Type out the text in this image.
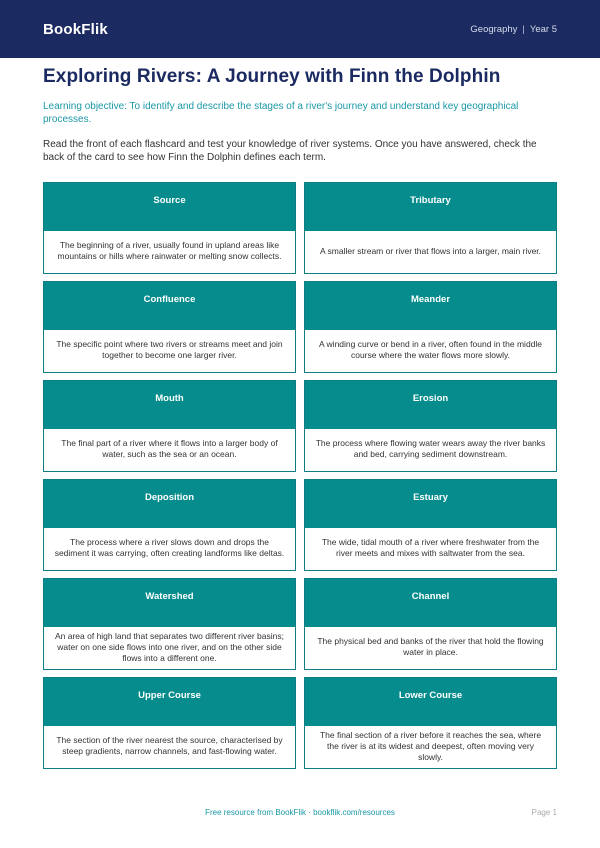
BookFlik	Geography | Year 5
Exploring Rivers: A Journey with Finn the Dolphin

Learning objective: To identify and describe the stages of a river's journey and understand key geographical processes.

Read the front of each flashcard and test your knowledge of river systems. Once you have answered, check the back of the card to see how Finn the Dolphin defines each term.

Source
The beginning of a river, usually found in upland areas like mountains or hills where rainwater or melting snow collects.
Tributary
A smaller stream or river that flows into a larger, main river.
Confluence
The specific point where two rivers or streams meet and join together to become one larger river.
Meander
A winding curve or bend in a river, often found in the middle course where the water flows more slowly.
Mouth
The final part of a river where it flows into a larger body of water, such as the sea or an ocean.
Erosion
The process where flowing water wears away the river banks and bed, carrying sediment downstream.
Deposition
The process where a river slows down and drops the sediment it was carrying, often creating landforms like deltas.
Estuary
The wide, tidal mouth of a river where freshwater from the river meets and mixes with saltwater from the sea.
Watershed
An area of high land that separates two different river basins; water on one side flows into one river, and on the other side flows into a different one.
Channel
The physical bed and banks of the river that hold the flowing water in place.
Upper Course
The section of the river nearest the source, characterised by steep gradients, narrow channels, and fast-flowing water.
Lower Course
The final section of a river before it reaches the sea, where the river is at its widest and deepest, often moving very slowly.
Free resource from BookFlik · bookflik.com/resources	Page 1
